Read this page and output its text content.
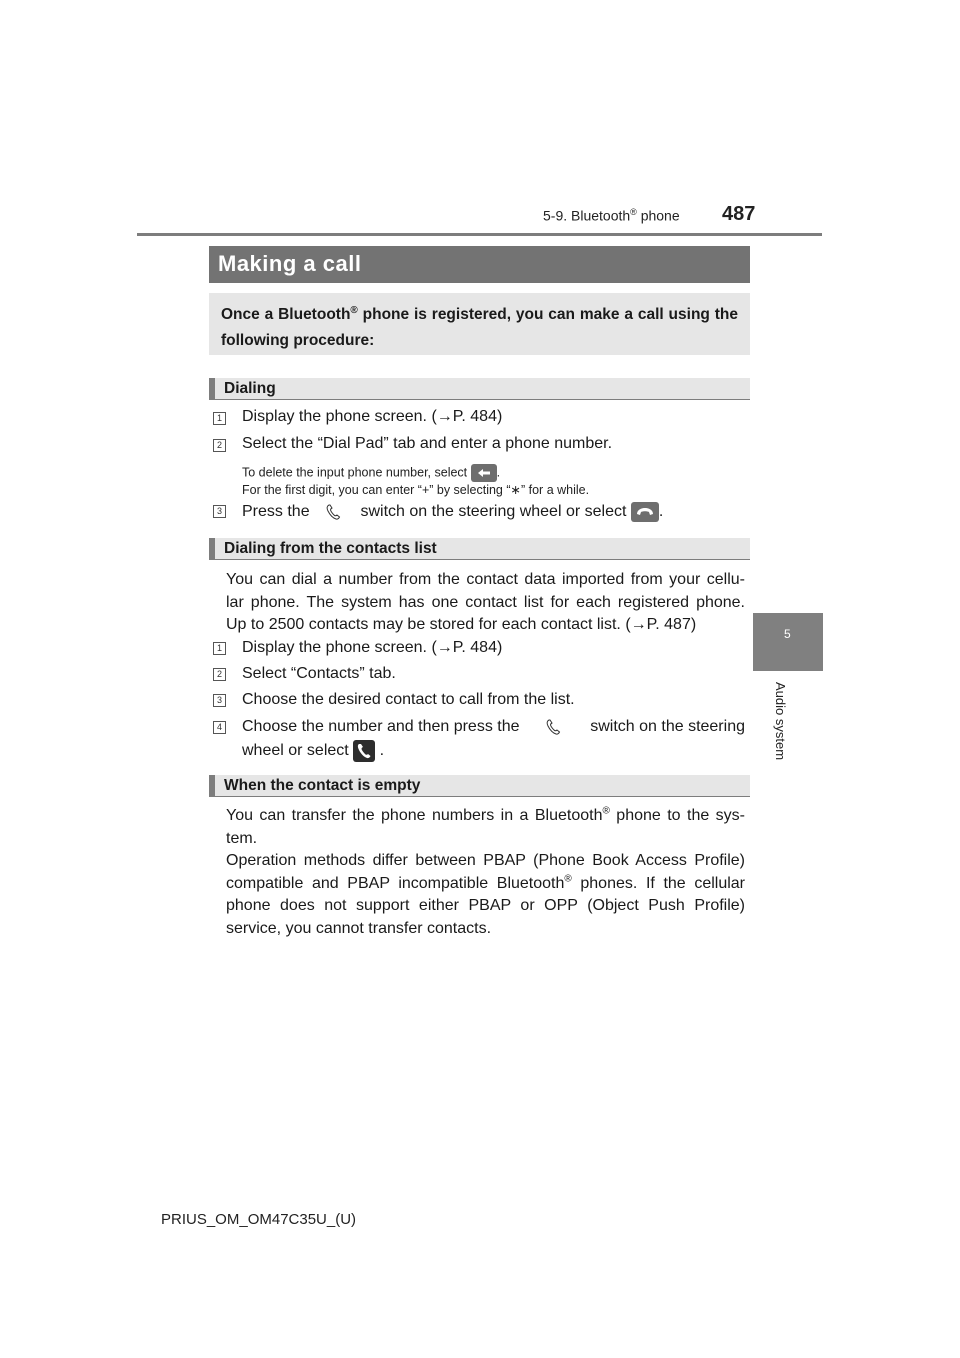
5-9. Bluetooth® phone 487
5
Audio system
Making a call

Once a Bluetooth® phone is registered, you can make a call using the following procedure:

Dialing
1 Display the phone screen. (→P. 484)
2 Select the “Dial Pad” tab and enter a phone number.
To delete the input phone number, select .
For the first digit, you can enter “+” by selecting “∗” for a while.
3 Press the	switch on the steering wheel or select .
Dialing from the contacts list
You can dial a number from the contact data imported from your cellu-
lar phone. The system has one contact list for each registered phone.
Up to 2500 contacts may be stored for each contact list. (→P. 487)
1 Display the phone screen. (→P. 484)
2 Select “Contacts” tab.
3 Choose the desired contact to call from the list.
4 Choose the number and then press the	switch on the steering
wheel or select .
When the contact is empty
You can transfer the phone numbers in a Bluetooth® phone to the sys-
tem.
Operation methods differ between PBAP (Phone Book Access Profile) compatible and PBAP incompatible Bluetooth® phones. If the cellular phone does not support either PBAP or OPP (Object Push Profile) service, you cannot transfer contacts.
PRIUS_OM_OM47C35U_(U)
